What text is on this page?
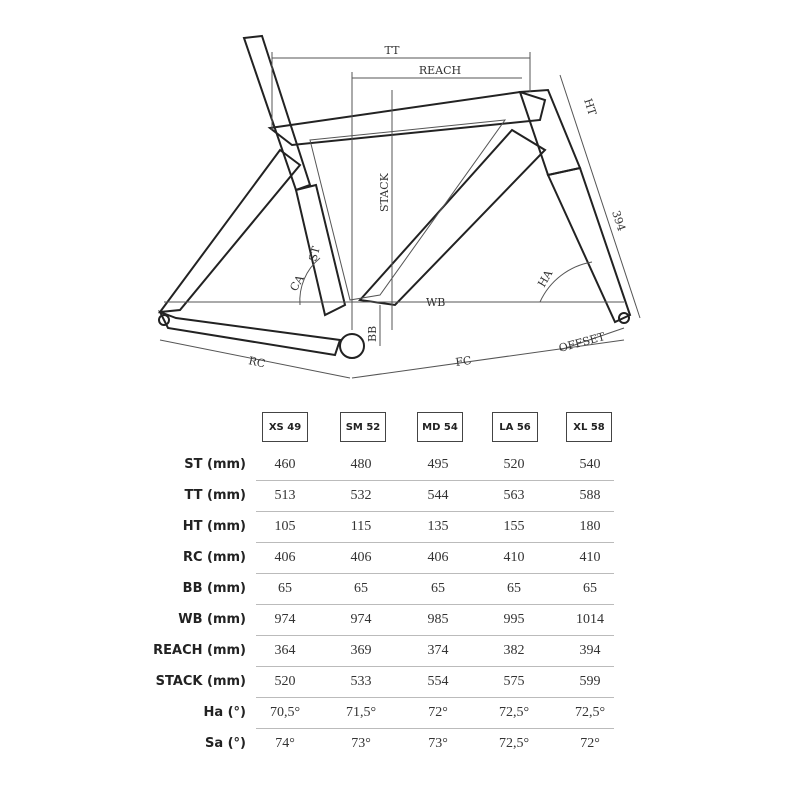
TT
REACH
HT
STACK
394
HA
CA
ST
WB
BB	OFFSET
RC	FC
XS 49	SM 52	MD 54	LA 56	XL 58
ST (mm)	460	480	495	520	540
TT (mm)	513	532	544	563	588
HT (mm)	105	115	135	155	180
RC (mm)	406	406	406	410	410
BB (mm)	65	65	65	65	65
WB (mm)	974	974	985	995	1014
REACH (mm)	364	369	374	382	394
STACK (mm)	520	533	554	575	599
Ha (°)	70,5°	71,5°	72°	72,5°	72,5°
Sa (°)	74°	73°	73°	72,5°	72°
